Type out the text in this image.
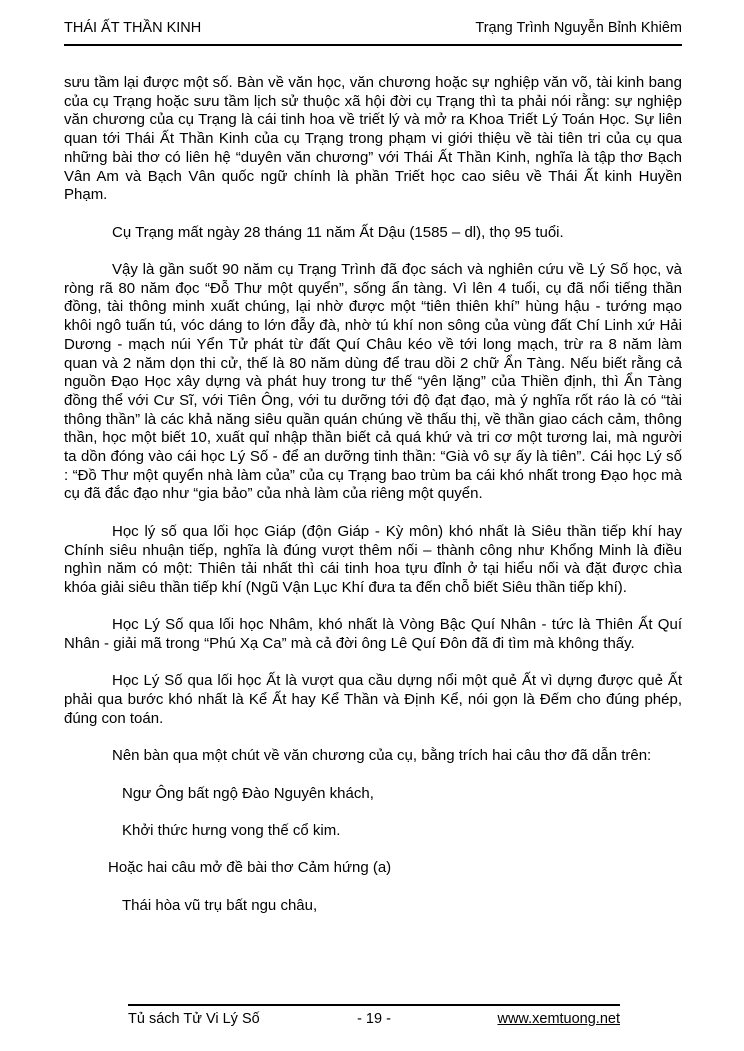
THÁI ẤT THẦN KINH	Trạng Trình Nguyễn Bỉnh Khiêm

sưu tầm lại được một số. Bàn về văn học, văn chương hoặc sự nghiệp văn võ, tài kinh bang của cụ Trạng hoặc sưu tầm lịch sử thuộc xã hội đời cụ Trạng thì ta phải nói rằng: sự nghiệp văn chương của cụ Trạng là cái tinh hoa về triết lý và mở ra Khoa Triết Lý Toán Học. Sự liên quan tới Thái Ất Thần Kinh của cụ Trạng trong phạm vi giới thiệu về tài tiên tri của cụ qua những bài thơ có liên hệ “duyên văn chương” với Thái Ất Thần Kinh, nghĩa là tập thơ Bạch Vân Am và Bạch Vân quốc ngữ chính là phần Triết học cao siêu về Thái Ất kinh Huyền Phạm.

Cụ Trạng mất ngày 28 tháng 11 năm Ất Dậu (1585 – dl), thọ 95 tuổi.

Vậy là gần suốt 90 năm cụ Trạng Trình đã đọc sách và nghiên cứu về Lý Số học, và ròng rã 80 năm đọc “Đỗ Thư một quyển”, sống ẩn tàng. Vì lên 4 tuổi, cụ đã nổi tiếng thần đồng, tài thông minh xuất chúng, lại nhờ được một “tiên thiên khí” hùng hậu - tướng mạo khôi ngô tuấn tú, vóc dáng to lớn đẫy đà, nhờ tú khí non sông của vùng đất Chí Linh xứ Hải Dương - mạch núi Yển Tử phát từ đất Quí Châu kéo về tới long mạch, trừ ra 8 năm làm quan và 2 năm dọn thi cử, thế là 80 năm dùng để trau dồi 2 chữ Ẩn Tàng. Nếu biết rằng cả nguồn Đạo Học xây dựng và phát huy trong tư thế “yên lặng” của Thiền định, thì Ẩn Tàng đồng thể với Cư Sĩ, với Tiên Ông, với tu dưỡng tới độ đạt đạo, mà ý nghĩa rốt ráo là có “tài thông thần” là các khả năng siêu quần quán chúng về thấu thị, về thần giao cách cảm, thông thần, học một biết 10, xuất quỉ nhập thần biết cả quá khứ và tri cơ một tương lai, mà người ta dồn đóng vào cái học Lý Số - để an dưỡng tinh thần: “Già vô sự ấy là tiên”. Cái học Lý số : “Đồ Thư một quyển nhà làm của” của cụ Trạng bao trùm ba cái khó nhất trong Đạo học mà cụ đã đắc đạo như “gia bảo” của nhà làm của riêng một quyển.

Học lý số qua lối học Giáp (độn Giáp - Kỳ môn) khó nhất là Siêu thần tiếp khí hay Chính siêu nhuận tiếp, nghĩa là đúng vượt thêm nối – thành công như Khổng Minh là điều nghìn năm có một: Thiên tải nhất thì cái tinh hoa tựu đỉnh ở tại hiểu nối và đặt được chìa khóa giải siêu thần tiếp khí (Ngũ Vận Lục Khí đưa ta đến chỗ biết Siêu thần tiếp khí).

Học Lý Số qua lối học Nhâm, khó nhất là Vòng Bậc Quí Nhân - tức là Thiên Ất Quí Nhân - giải mã trong “Phú Xạ Ca” mà cả đời ông Lê Quí Đôn đã đi tìm mà không thấy.

Học Lý Số qua lối học Ất là vượt qua cầu dựng nổi một quẻ Ất vì dựng được quẻ Ất phải qua bước khó nhất là Kể Ất hay Kể Thần và Định Kể, nói gọn là Đếm cho đúng phép, đúng con toán.

Nên bàn qua một chút về văn chương của cụ, bằng trích hai câu thơ đã dẫn trên:

Ngư Ông bất ngộ Đào Nguyên khách,

Khởi thức hưng vong thế cổ kim.

Hoặc hai câu mở đề bài thơ Cảm hứng (a)

Thái hòa vũ trụ bất ngu châu,

Tủ sách Tử Vi Lý Số	- 19 -	www.xemtuong.net
